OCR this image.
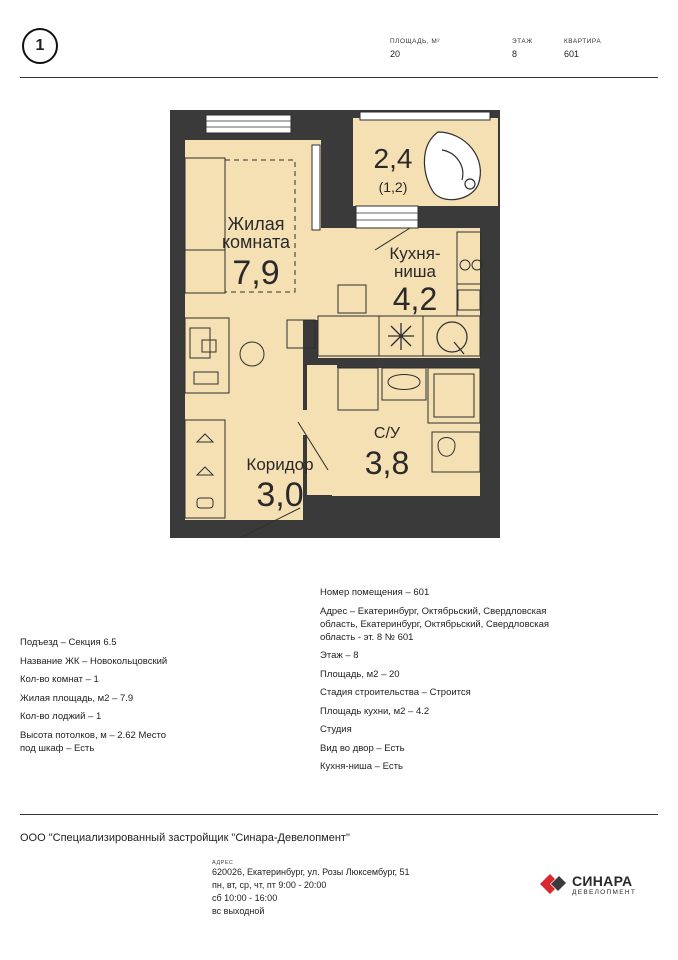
1	ПЛОЩАДЬ, М²
20
ЭТАЖ
8
КВАРТИРА
601
2,4
(1,2)
Жилая
комната
7,9
Кухня-
ниша
4,2
С/У
3,8
Коридор
3,0
Подъезд – Секция 6.5
Название ЖК – Новокольцовский
Кол-во комнат – 1
Жилая площадь, м2 – 7.9
Кол-во лоджий – 1
Высота потолков, м – 2.62 Место
под шкаф – Есть
Номер помещения – 601
Адрес – Екатеринбург, Октябрьский, Свердловская
область, Екатеринбург, Октябрьский, Свердловская
область - эт. 8 № 601
Этаж – 8
Площадь, м2 – 20
Стадия строительства – Строится
Площадь кухни, м2 – 4.2
Студия
Вид во двор – Есть
Кухня-ниша – Есть
ООО "Специализированный застройщик "Синара-Девелопмент"
АДРЕС
620026, Екатеринбург, ул. Розы Люксембург, 51
пн, вт, ср, чт, пт 9:00 - 20:00
сб 10:00 - 16:00
вс выходной
СИНАРА
ДЕВЕЛОПМЕНТ
